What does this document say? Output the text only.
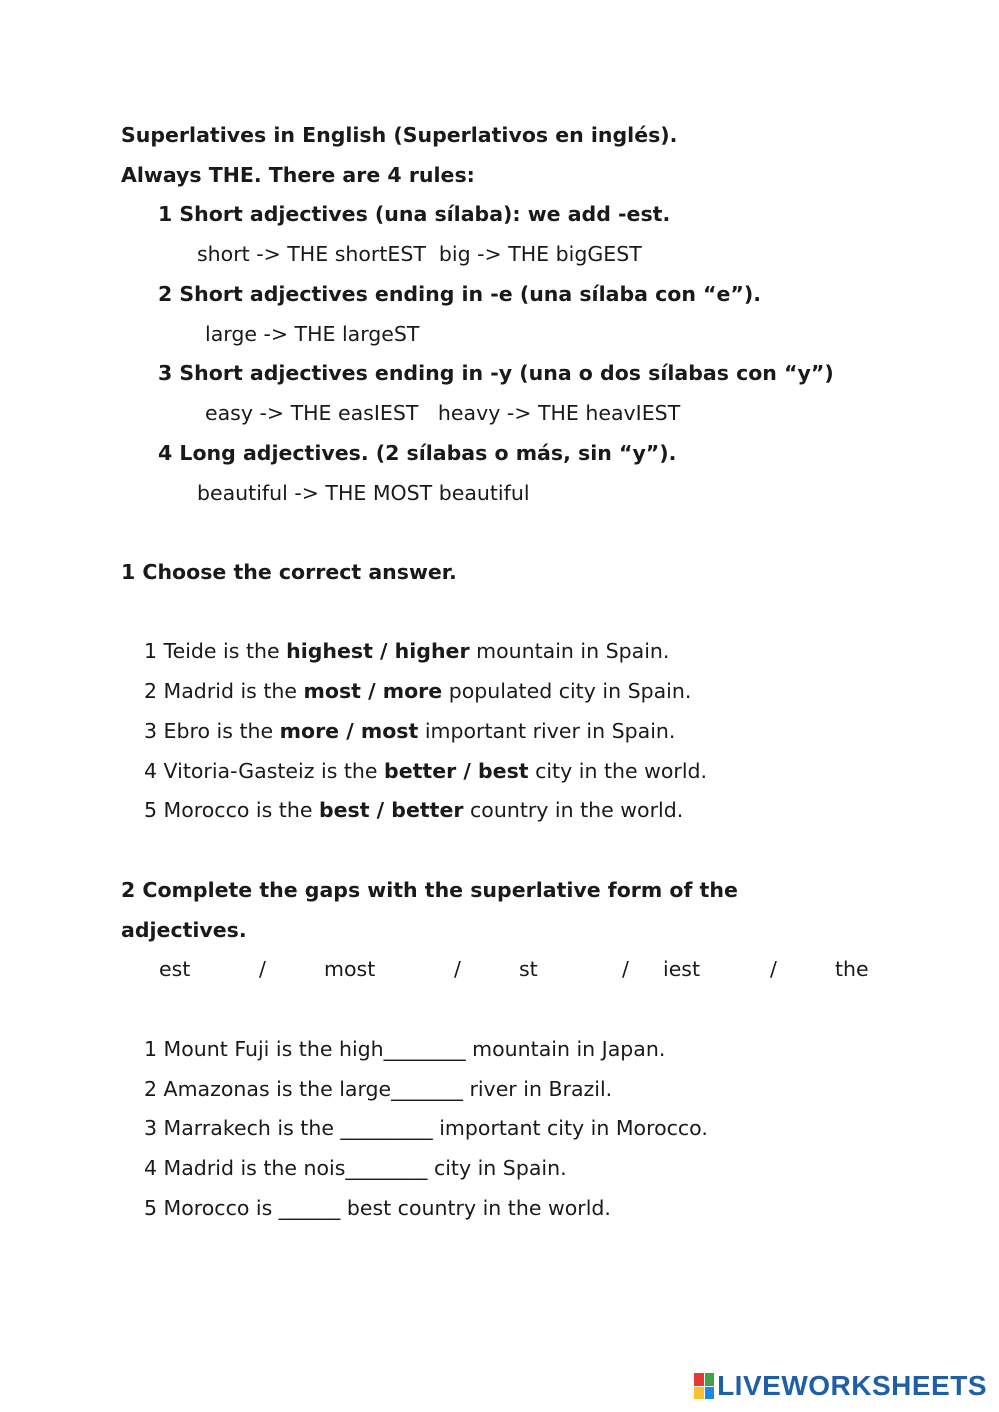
Superlatives in English (Superlativos en inglés).
Always THE. There are 4 rules:
1 Short adjectives (una sílaba): we add -est.
short -> THE shortEST  big -> THE bigGEST
2 Short adjectives ending in -e (una sílaba con “e”).
large -> THE largeST
3 Short adjectives ending in -y (una o dos sílabas con “y”)
easy -> THE easIEST   heavy -> THE heavIEST
4 Long adjectives. (2 sílabas o más, sin “y”).
beautiful -> THE MOST beautiful
1 Choose the correct answer.
1 Teide is the highest / higher mountain in Spain.
2 Madrid is the most / more populated city in Spain.
3 Ebro is the more / most important river in Spain.
4 Vitoria-Gasteiz is the better / best city in the world.
5 Morocco is the best / better country in the world.
2 Complete the gaps with the superlative form of the
adjectives.

est

	/

	most

	/

	st

	/

iest

	/

	the

1 Mount Fuji is the high________ mountain in Japan.
2 Amazonas is the large_______ river in Brazil.
3 Marrakech is the _________ important city in Morocco.
4 Madrid is the nois________ city in Spain.
5 Morocco is ______ best country in the world.
LIVEWORKSHEETS
